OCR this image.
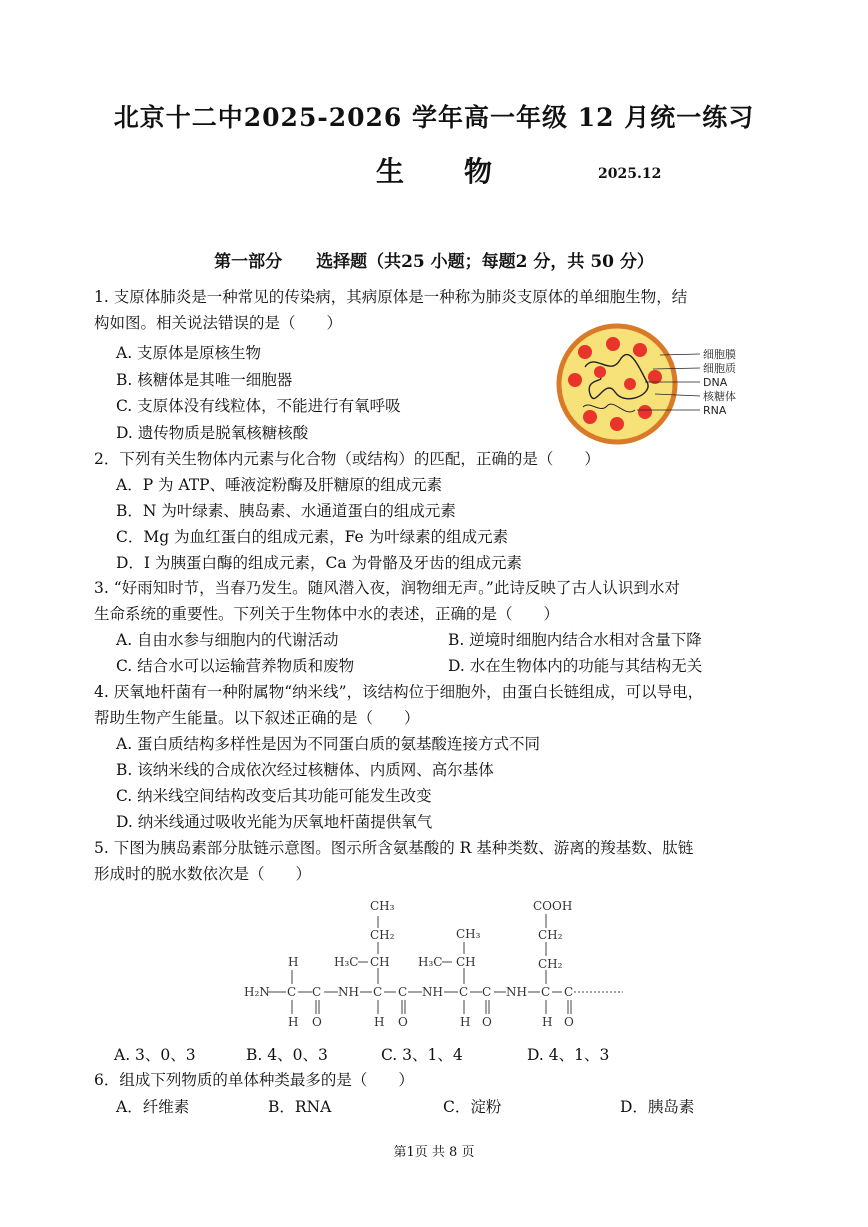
北京十二中2025-2026 学年高一年级 12 月统一练习
生 物	2025.12
第一部分 选择题（共25 小题；每题2 分，共 50 分）
1. 支原体肺炎是一种常见的传染病，其病原体是一种称为肺炎支原体的单细胞生物，结
构如图。相关说法错误的是（　　）
A. 支原体是原核生物
B. 核糖体是其唯一细胞器
C. 支原体没有线粒体，不能进行有氧呼吸
D. 遗传物质是脱氧核糖核酸
细胞膜
细胞质
DNA
核糖体
RNA
2．下列有关生物体内元素与化合物（或结构）的匹配，正确的是（　　）
A．P 为 ATP、唾液淀粉酶及肝糖原的组成元素
B．N 为叶绿素、胰岛素、水通道蛋白的组成元素
C．Mg 为血红蛋白的组成元素，Fe 为叶绿素的组成元素
D．I 为胰蛋白酶的组成元素，Ca 为骨骼及牙齿的组成元素
3. “好雨知时节，当春乃发生。随风潜入夜，润物细无声。”此诗反映了古人认识到水对
生命系统的重要性。下列关于生物体中水的表述，正确的是（　　）
A. 自由水参与细胞内的代谢活动	B. 逆境时细胞内结合水相对含量下降
C. 结合水可以运输营养物质和废物	D. 水在生物体内的功能与其结构无关
4. 厌氧地杆菌有一种附属物“纳米线”，该结构位于细胞外，由蛋白长链组成，可以导电，
帮助生物产生能量。以下叙述正确的是（　　）
A. 蛋白质结构多样性是因为不同蛋白质的氨基酸连接方式不同
B. 该纳米线的合成依次经过核糖体、内质网、高尔基体
C. 纳米线空间结构改变后其功能可能发生改变
D. 纳米线通过吸收光能为厌氧地杆菌提供氧气
5. 下图为胰岛素部分肽链示意图。图示所含氨基酸的 R 基种类数、游离的羧基数、肽链
形成时的脱水数依次是（　　）
H₂N
H
C
H
C
O
NH
CH₃
CH₂
H₃C CH
C
H
C
O
NH
CH₃
H₃C CH
C
H
C
O
NH
COOH
CH₂
CH₂
C
H
C
O
A. 3、0、3	B. 4、0、3	C. 3、1、4	D. 4、1、3
6．组成下列物质的单体种类最多的是（　　）
A．纤维素	B．RNA	C．淀粉	D．胰岛素
第1页 共 8 页
